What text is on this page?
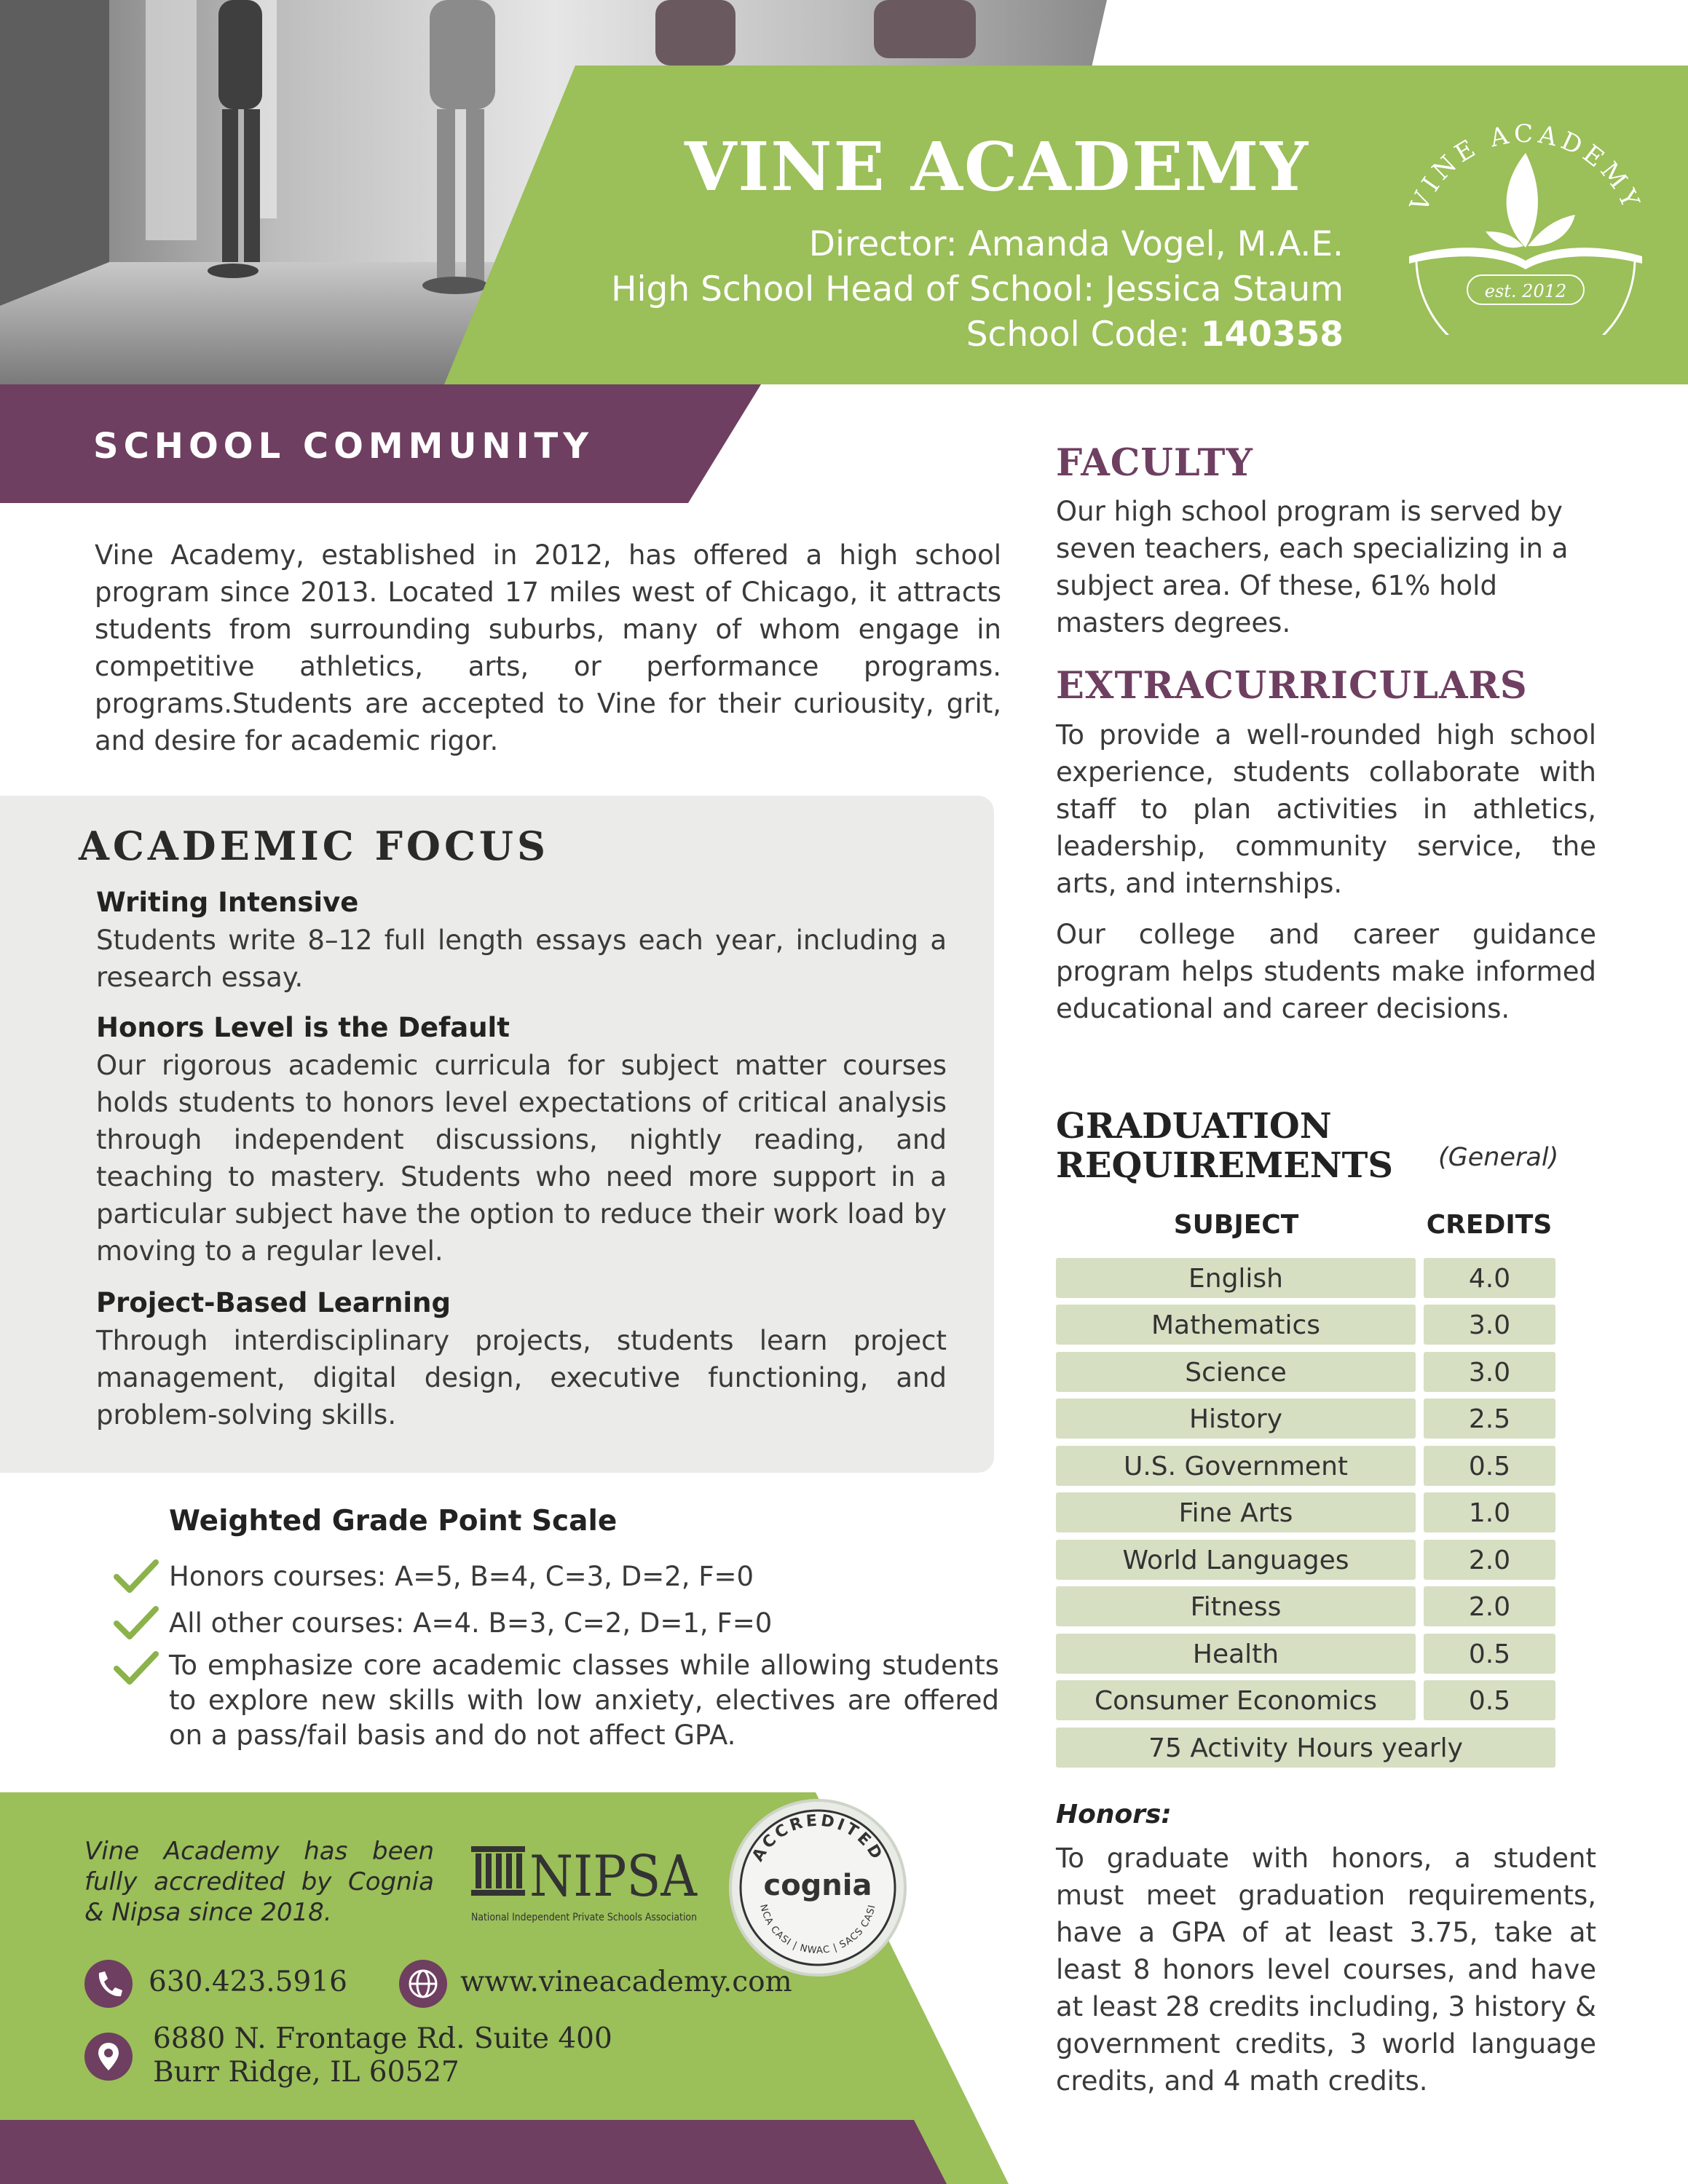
VINE ACADEMY
Director: Amanda Vogel, M.A.E.
High School Head of School: Jessica Staum
School Code: 140358
VINE ACADEMY
est. 2012
SCHOOL COMMUNITY
Vine Academy, established in 2012, has offered a high school program since 2013. Located 17 miles west of Chicago, it attracts students from surrounding suburbs, many of whom engage in competitive athletics, arts, or performance programs. programs.Students are accepted to Vine for their curiousity, grit, and desire for academic rigor.
ACADEMIC FOCUS
Writing Intensive
Students write 8–12 full length essays each year, including a research essay.
Honors Level is the Default
Our rigorous academic curricula for subject matter courses holds students to honors level expectations of critical analysis through independent discussions, nightly reading, and teaching to mastery. Students who need more support in a particular subject have the option to reduce their work load by moving to a regular level.
Project-Based Learning
Through interdisciplinary projects, students learn project management, digital design, executive functioning, and problem-solving skills.
Weighted Grade Point Scale
Honors courses: A=5, B=4, C=3, D=2, F=0
All other courses: A=4. B=3, C=2, D=1, F=0
To emphasize core academic classes while allowing students to explore new skills with low anxiety, electives are offered on a pass/fail basis and do not affect GPA.
Vine Academy has been fully accredited by Cognia & Nipsa since 2018.
NIPSA
National Independent Private Schools Association
ACCREDITED
cognia
NCA CASI | NWAC | SACS CASI
630.423.5916	www.vineacademy.com
6880 N. Frontage Rd. Suite 400
Burr Ridge, IL 60527
FACULTY
Our high school program is served by seven teachers, each specializing in a subject area. Of these, 61% hold masters degrees.
EXTRACURRICULARS
To provide a well-rounded high school experience, students collaborate with staff to plan activities in athletics, leadership, community service, the arts, and internships.
Our college and career guidance program helps students make informed educational and career decisions.
GRADUATION
REQUIREMENTS (General)
SUBJECT	CREDITS
English	4.0
Mathematics	3.0
Science	3.0
History	2.5
U.S. Government	0.5
Fine Arts	1.0
World Languages	2.0
Fitness	2.0
Health	0.5
Consumer Economics	0.5
75 Activity Hours yearly
Honors:
To graduate with honors, a student must meet graduation requirements, have a GPA of at least 3.75, take at least 8 honors level courses, and have at least 28 credits including, 3 history & government credits, 3 world language credits, and 4 math credits.
